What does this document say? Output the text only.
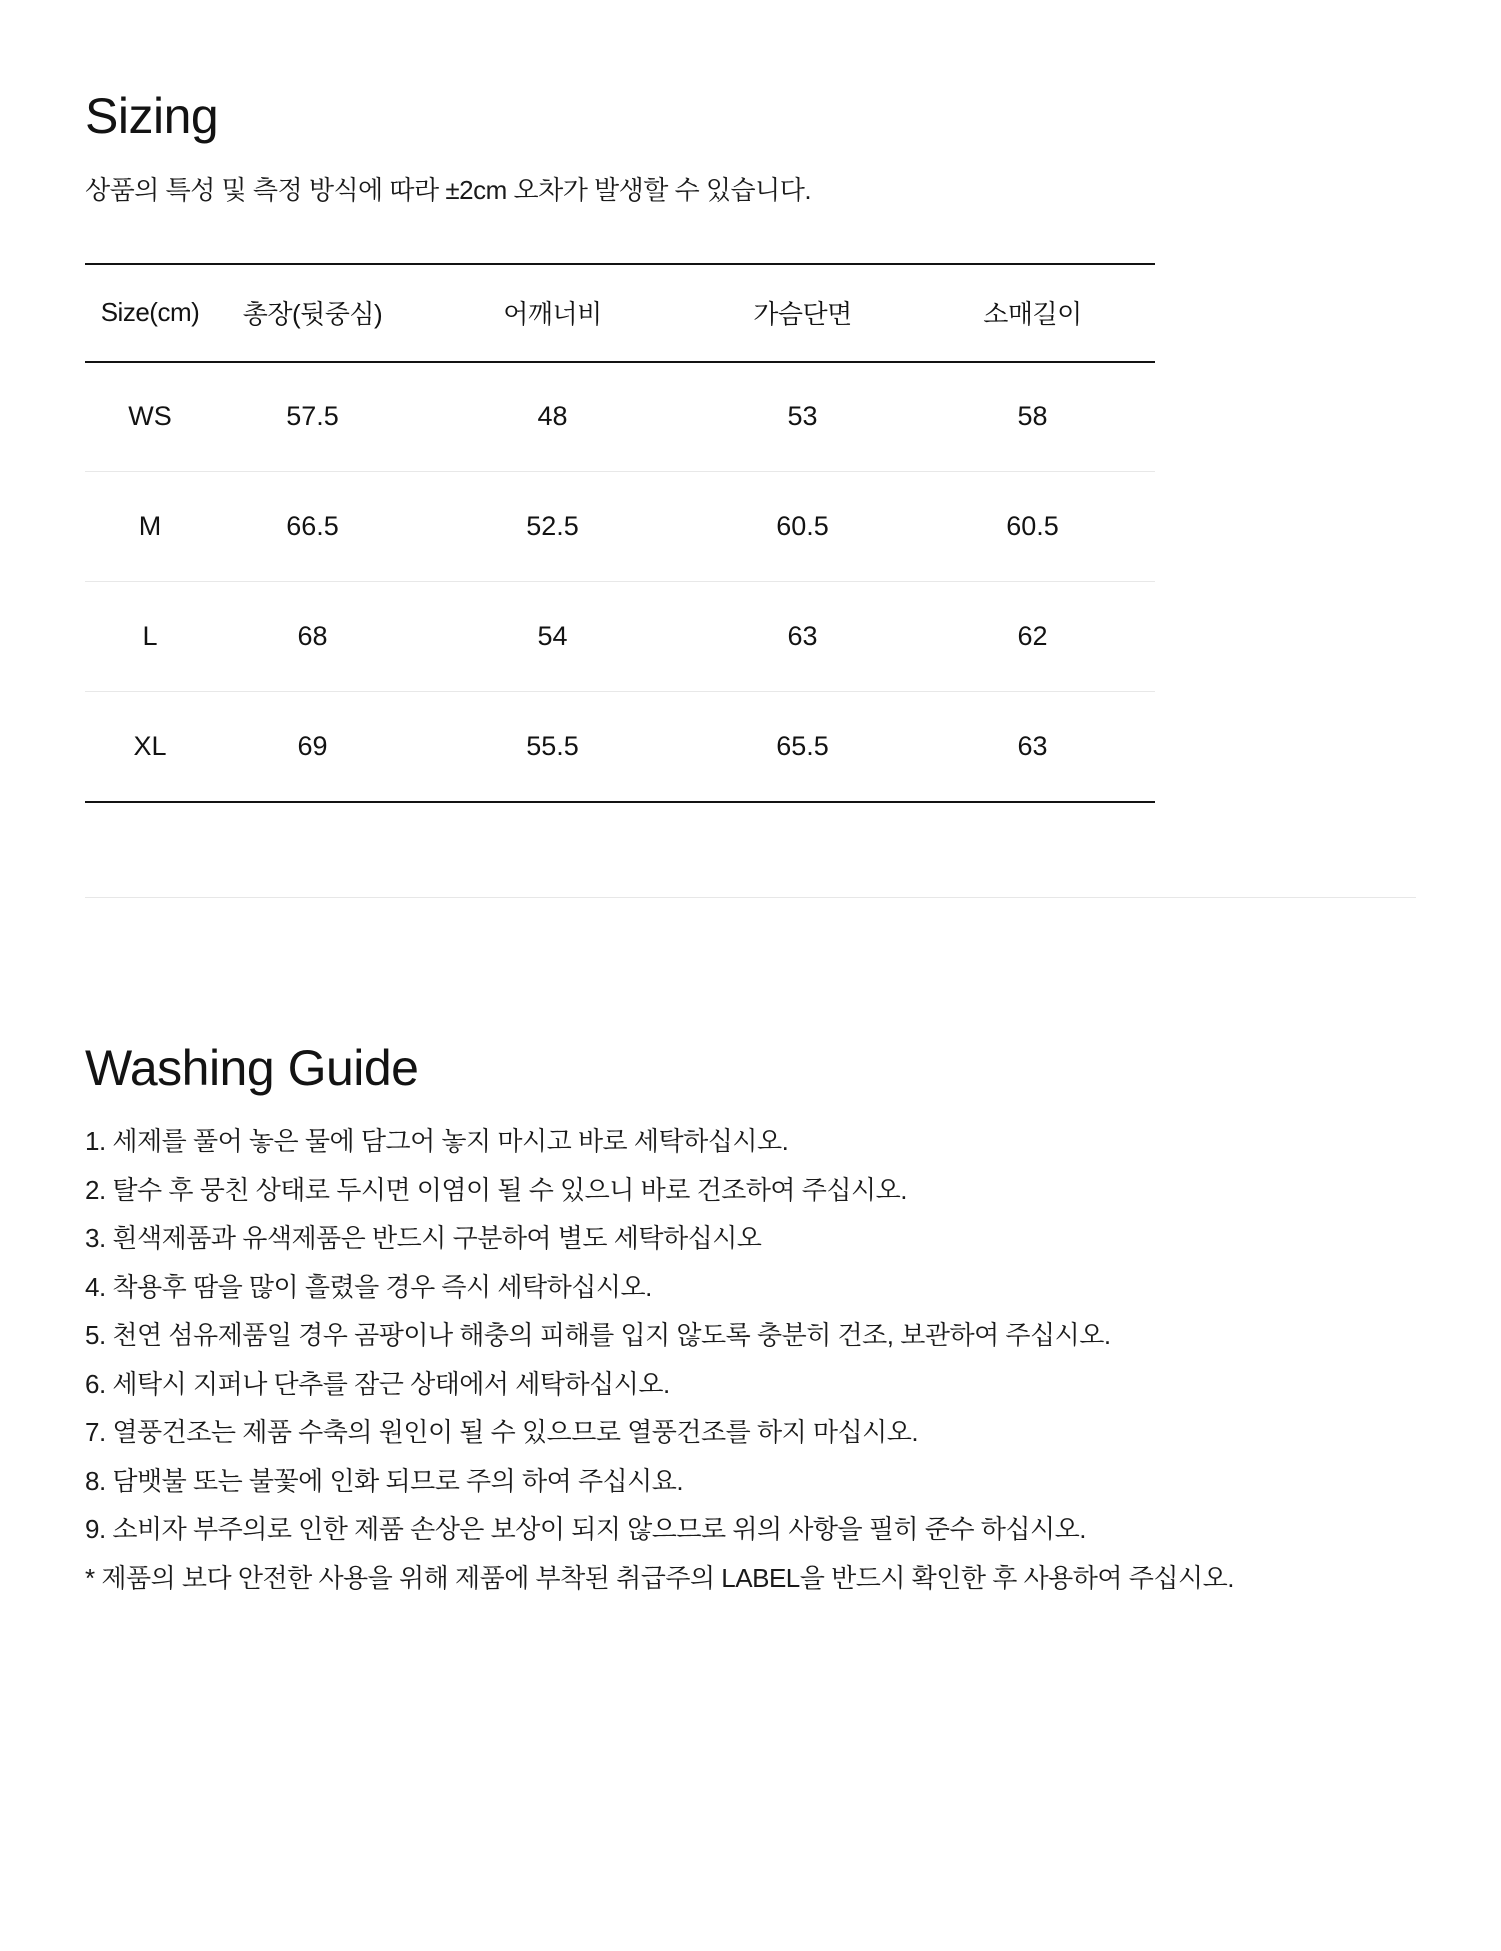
Sizing

상품의 특성 및 측정 방식에 따라 ±2cm 오차가 발생할 수 있습니다.

Size(cm)	총장(뒷중심)	어깨너비	가슴단면	소매길이
WS	57.5	48	53	58
M	66.5	52.5	60.5	60.5
L	68	54	63	62
XL	69	55.5	65.5	63
Washing Guide
1. 세제를 풀어 놓은 물에 담그어 놓지 마시고 바로 세탁하십시오.
2. 탈수 후 뭉친 상태로 두시면 이염이 될 수 있으니 바로 건조하여 주십시오.
3. 흰색제품과 유색제품은 반드시 구분하여 별도 세탁하십시오
4. 착용후 땀을 많이 흘렸을 경우 즉시 세탁하십시오.
5. 천연 섬유제품일 경우 곰팡이나 해충의 피해를 입지 않도록 충분히 건조, 보관하여 주십시오.
6. 세탁시 지퍼나 단추를 잠근 상태에서 세탁하십시오.
7. 열풍건조는 제품 수축의 원인이 될 수 있으므로 열풍건조를 하지 마십시오.
8. 담뱃불 또는 불꽃에 인화 되므로 주의 하여 주십시요.
9. 소비자 부주의로 인한 제품 손상은 보상이 되지 않으므로 위의 사항을 필히 준수 하십시오.
* 제품의 보다 안전한 사용을 위해 제품에 부착된 취급주의 LABEL을 반드시 확인한 후 사용하여 주십시오.
